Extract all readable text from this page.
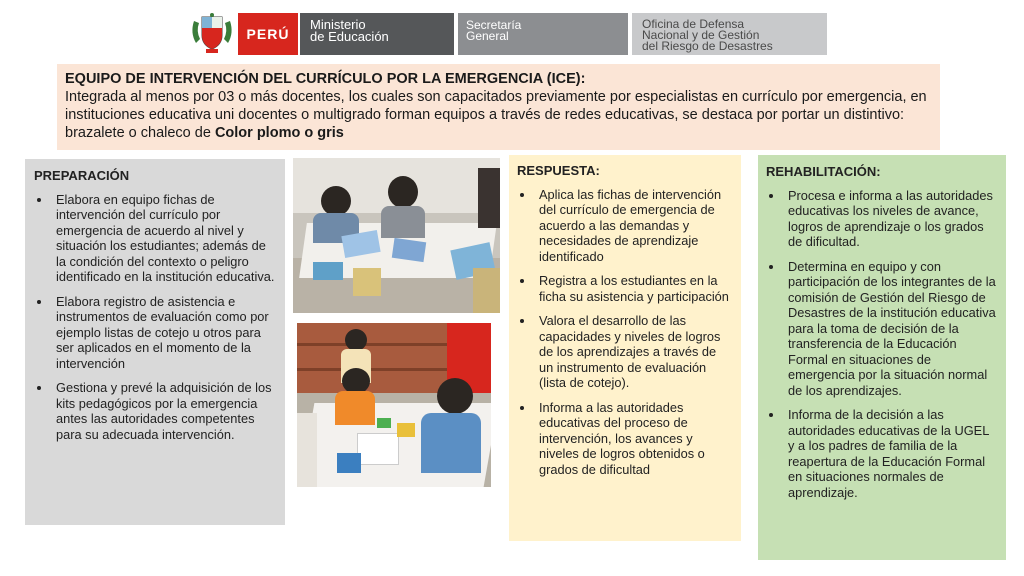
PERÚ
Ministerio
de Educación
Secretaría
General
Oficina de Defensa
Nacional y de Gestión
del Riesgo de Desastres
EQUIPO DE INTERVENCIÓN DEL CURRÍCULO POR LA EMERGENCIA (ICE):
Integrada al menos por 03 o más docentes, los cuales son capacitados previamente por especialistas en currículo por emergencia, en instituciones educativa uni docentes o multigrado forman equipos a través de redes educativas, se destaca por portar un distintivo: brazalete o chaleco de Color plomo o gris
PREPARACIÓN
• Elabora en equipo fichas de intervención del currículo por emergencia de acuerdo al nivel y situación los estudiantes; además de la condición del contexto o peligro identificado en la institución educativa.
• Elabora registro de asistencia e instrumentos de evaluación como por ejemplo listas de cotejo u otros para ser aplicados en el momento de la intervención
• Gestiona y prevé la adquisición de los kits pedagógicos por la emergencia antes las autoridades competentes para su adecuada intervención.
RESPUESTA:
• Aplica las fichas de intervención del currículo de emergencia de acuerdo a las demandas y necesidades de aprendizaje identificado
• Registra a los estudiantes en la ficha su asistencia y participación
• Valora el desarrollo de las capacidades y niveles de logros de los aprendizajes a través de un instrumento de evaluación (lista de cotejo).
• Informa a las autoridades educativas del proceso de intervención, los avances y niveles de logros obtenidos o grados de dificultad
REHABILITACIÓN:
• Procesa e informa a las autoridades educativas los niveles de avance, logros de aprendizaje o los grados de dificultad.
• Determina en equipo y con participación de los integrantes de la comisión de Gestión del Riesgo de Desastres de la institución educativa para la toma de decisión de la transferencia de la Educación Formal en situaciones de emergencia por la situación normal de los aprendizajes.
• Informa de la decisión a las autoridades educativas de la UGEL y a los padres de familia de la reapertura de la Educación Formal en situaciones normales de aprendizaje.
